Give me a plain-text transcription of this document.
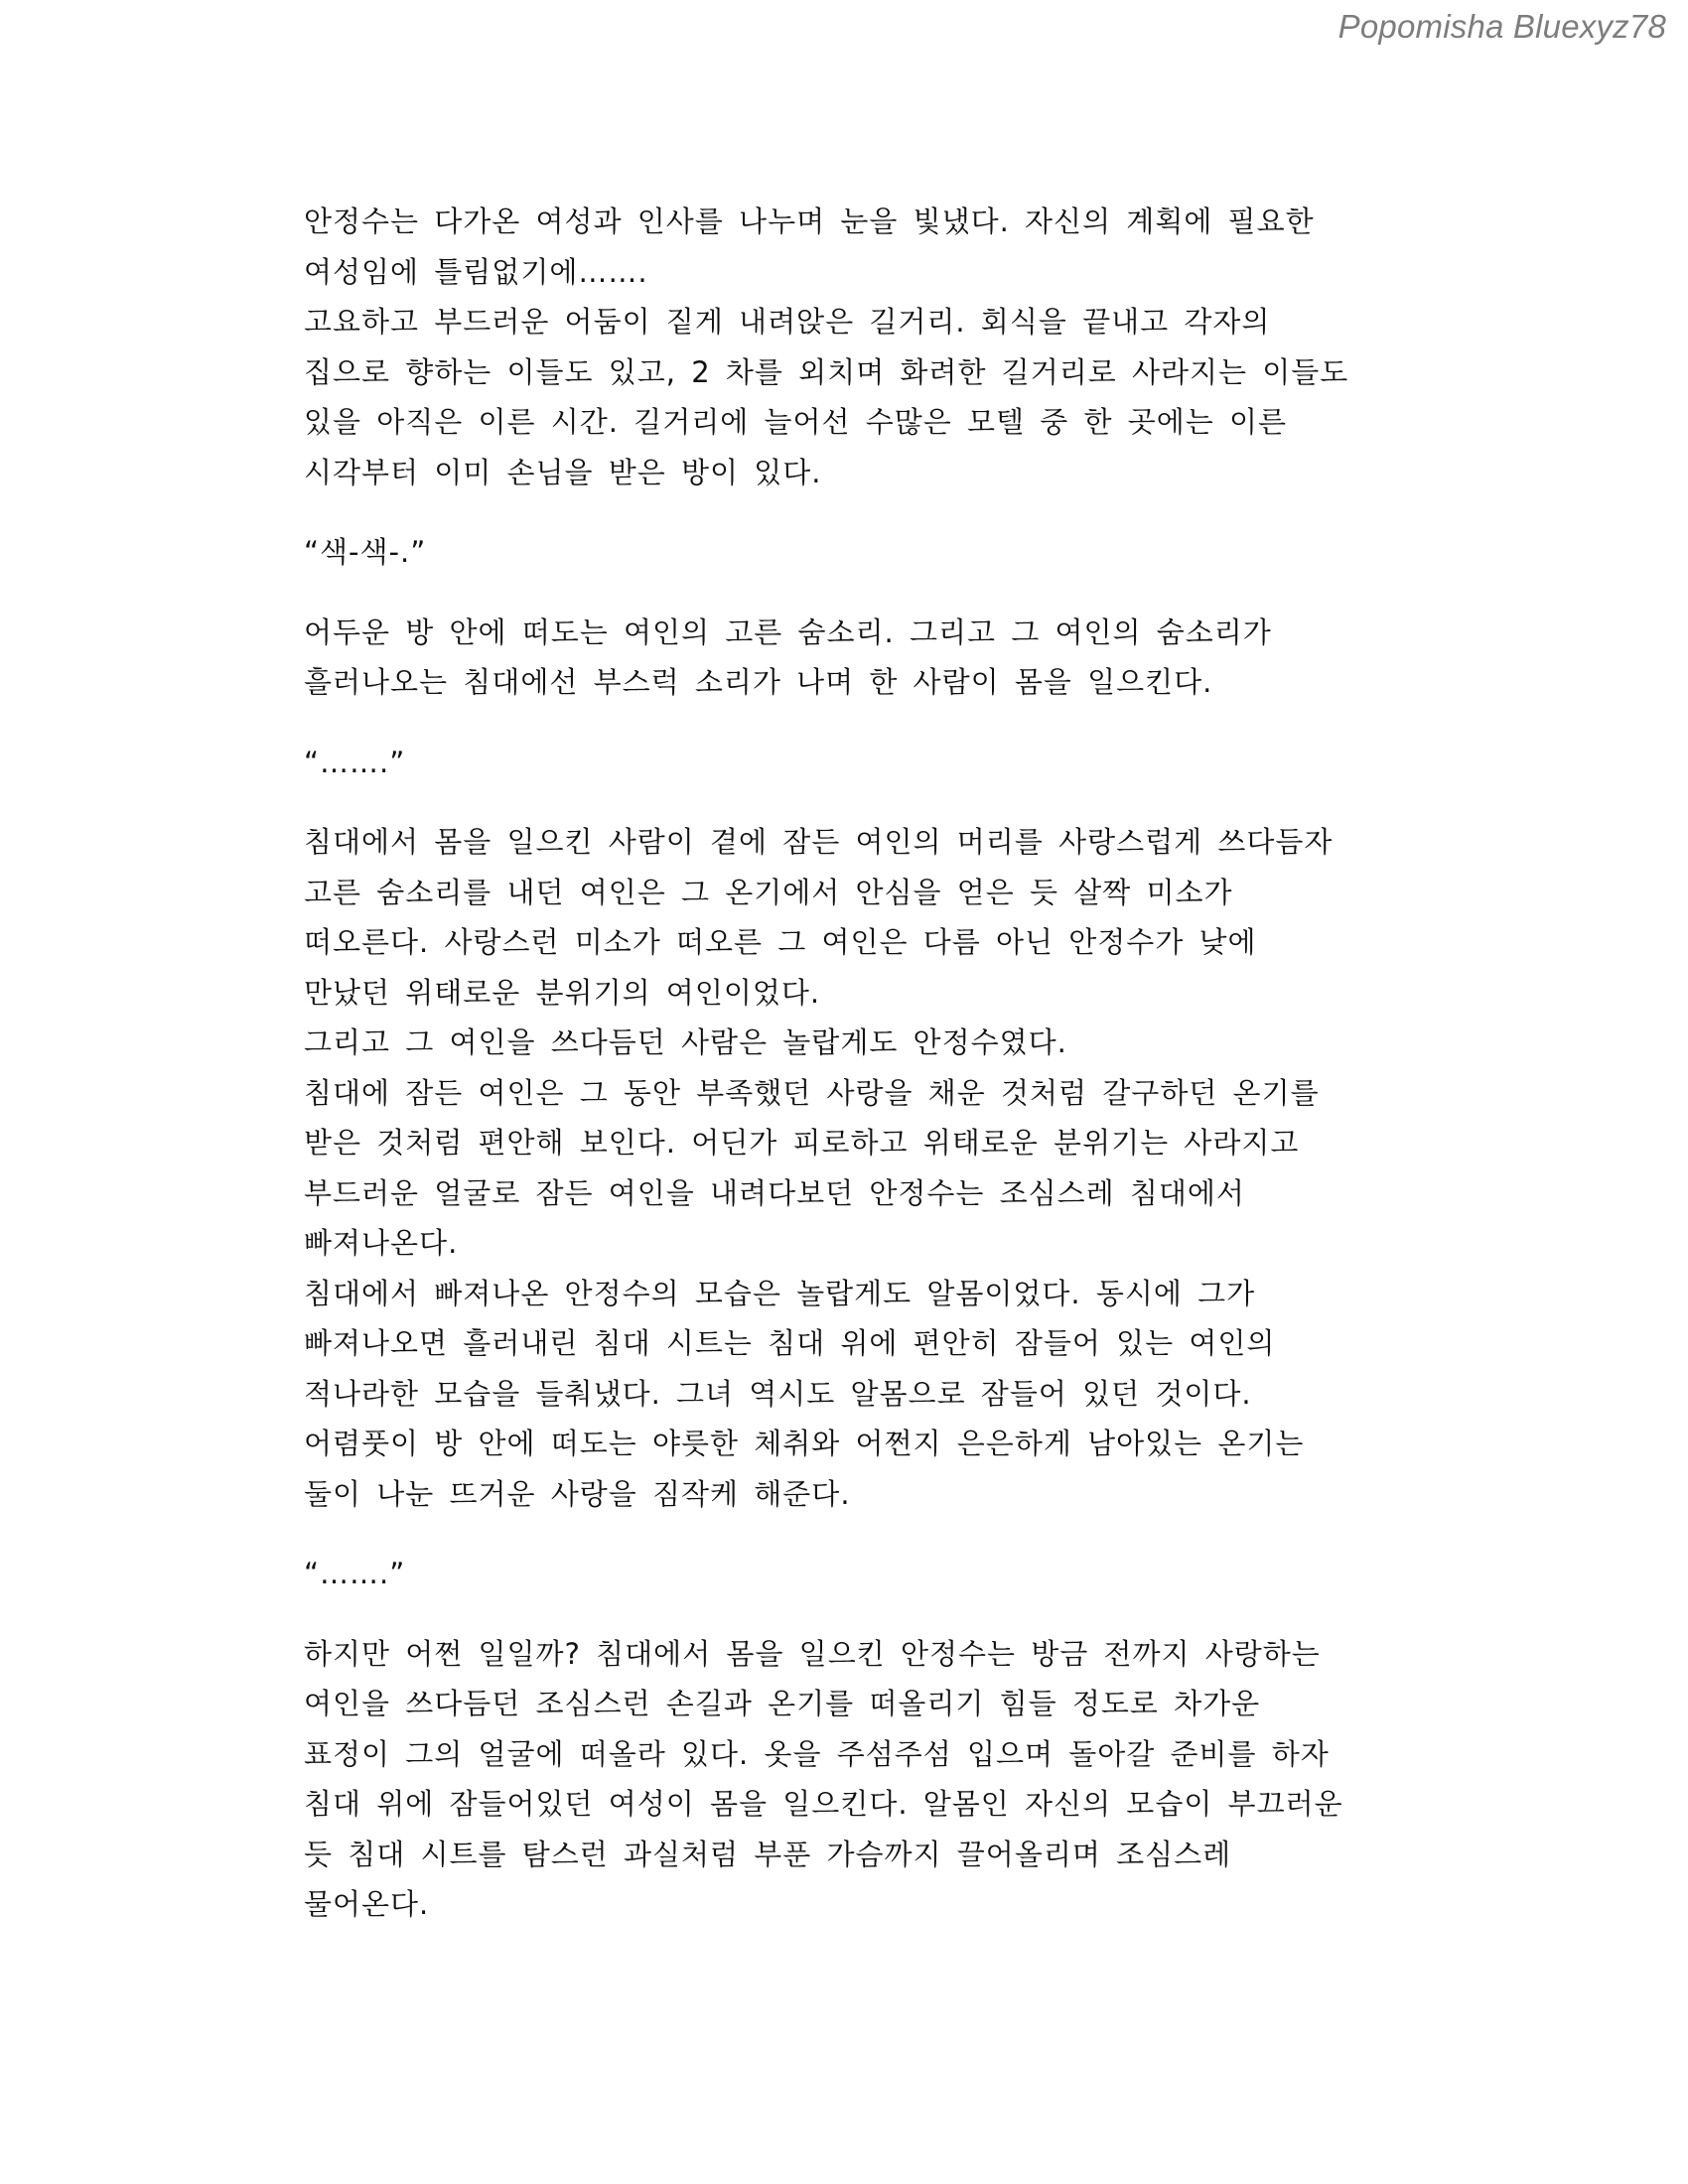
Popomisha Bluexyz78
안정수는 다가온 여성과 인사를 나누며 눈을 빛냈다. 자신의 계획에 필요한
여성임에 틀림없기에…….
고요하고 부드러운 어둠이 짙게 내려앉은 길거리. 회식을 끝내고 각자의
집으로 향하는 이들도 있고, 2 차를 외치며 화려한 길거리로 사라지는 이들도
있을 아직은 이른 시간. 길거리에 늘어선 수많은 모텔 중 한 곳에는 이른
시각부터 이미 손님을 받은 방이 있다.
“색-색-.”
어두운 방 안에 떠도는 여인의 고른 숨소리. 그리고 그 여인의 숨소리가
흘러나오는 침대에선 부스럭 소리가 나며 한 사람이 몸을 일으킨다.
“…….”
침대에서 몸을 일으킨 사람이 곁에 잠든 여인의 머리를 사랑스럽게 쓰다듬자
고른 숨소리를 내던 여인은 그 온기에서 안심을 얻은 듯 살짝 미소가
떠오른다. 사랑스런 미소가 떠오른 그 여인은 다름 아닌 안정수가 낮에
만났던 위태로운 분위기의 여인이었다.
그리고 그 여인을 쓰다듬던 사람은 놀랍게도 안정수였다.
침대에 잠든 여인은 그 동안 부족했던 사랑을 채운 것처럼 갈구하던 온기를
받은 것처럼 편안해 보인다. 어딘가 피로하고 위태로운 분위기는 사라지고
부드러운 얼굴로 잠든 여인을 내려다보던 안정수는 조심스레 침대에서
빠져나온다.
침대에서 빠져나온 안정수의 모습은 놀랍게도 알몸이었다. 동시에 그가
빠져나오면 흘러내린 침대 시트는 침대 위에 편안히 잠들어 있는 여인의
적나라한 모습을 들춰냈다. 그녀 역시도 알몸으로 잠들어 있던 것이다.
어렴풋이 방 안에 떠도는 야릇한 체취와 어쩐지 은은하게 남아있는 온기는
둘이 나눈 뜨거운 사랑을 짐작케 해준다.
“…….”
하지만 어쩐 일일까? 침대에서 몸을 일으킨 안정수는 방금 전까지 사랑하는
여인을 쓰다듬던 조심스런 손길과 온기를 떠올리기 힘들 정도로 차가운
표정이 그의 얼굴에 떠올라 있다. 옷을 주섬주섬 입으며 돌아갈 준비를 하자
침대 위에 잠들어있던 여성이 몸을 일으킨다. 알몸인 자신의 모습이 부끄러운
듯 침대 시트를 탐스런 과실처럼 부푼 가슴까지 끌어올리며 조심스레
물어온다.
